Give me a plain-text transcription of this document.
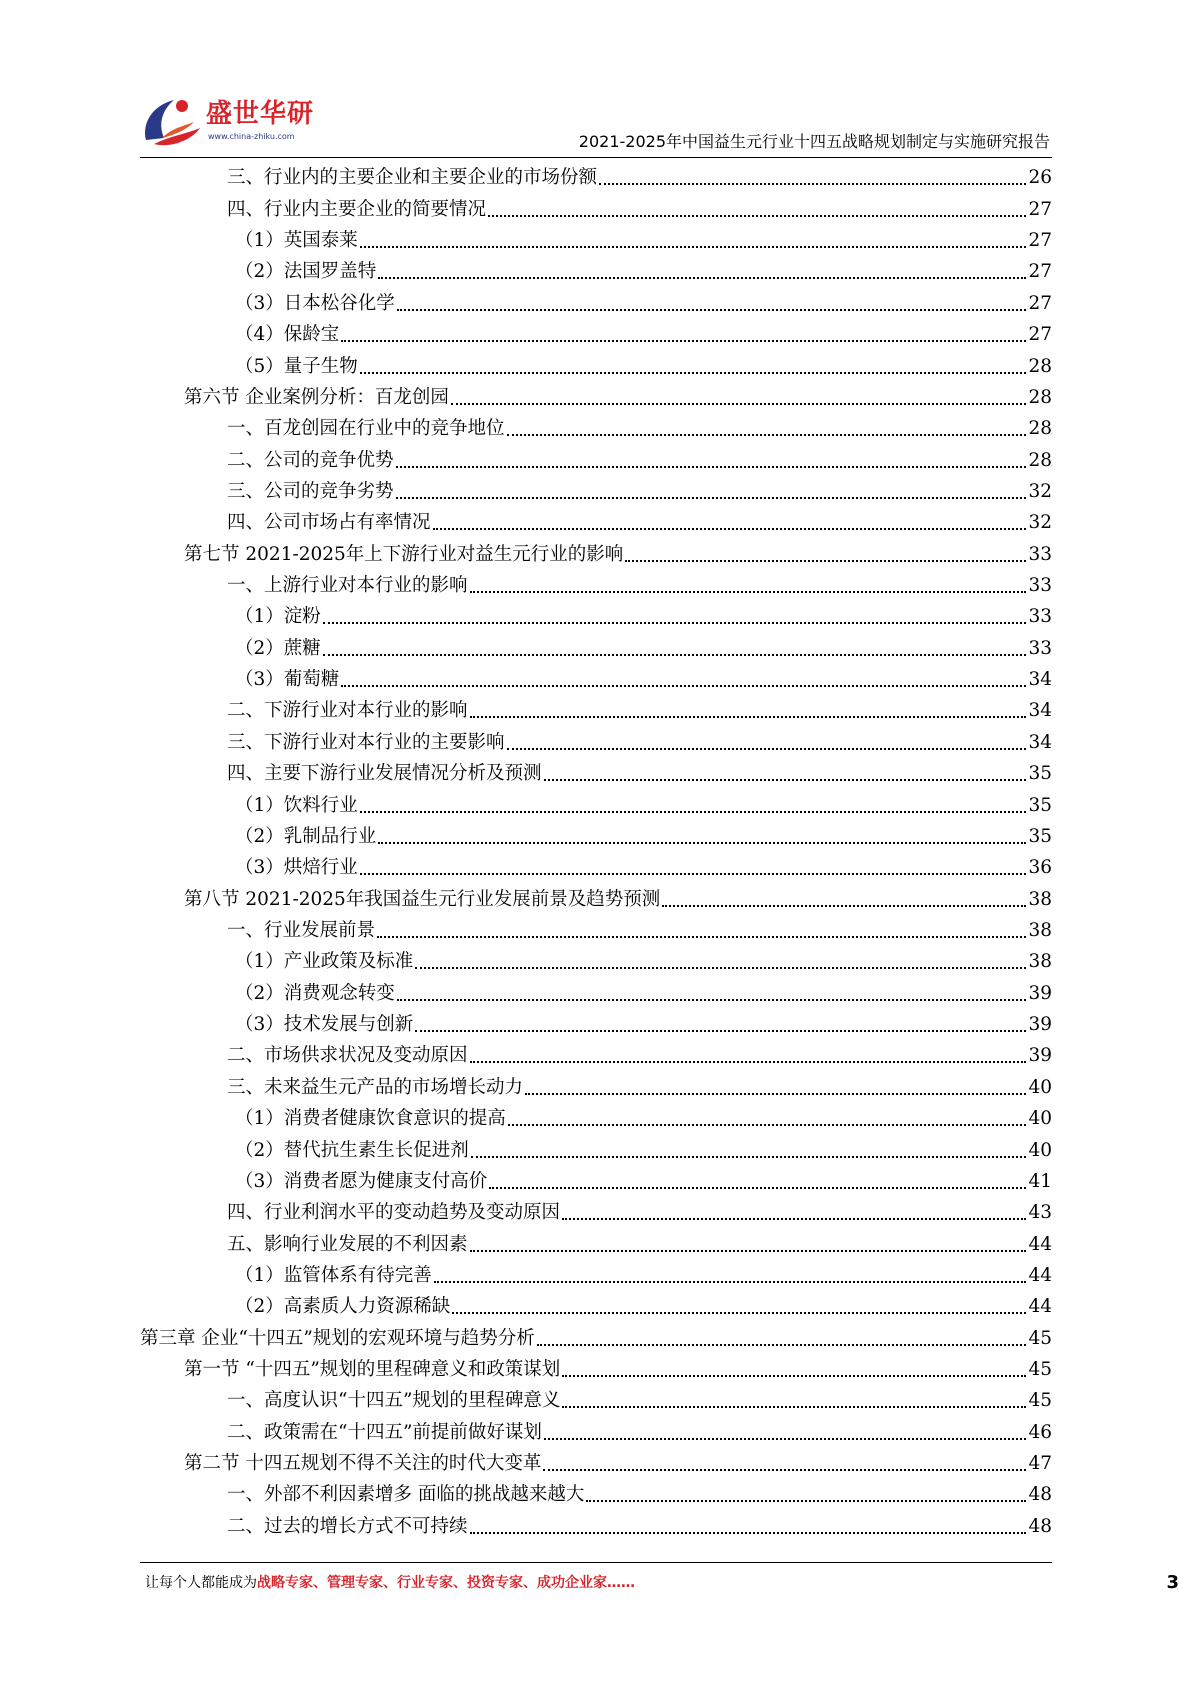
盛世华研
www.china-zhiku.com	2021-2025年中国益生元行业十四五战略规划制定与实施研究报告
三、行业内的主要企业和主要企业的市场份额	26
四、行业内主要企业的简要情况	27
（1）英国泰莱	27
（2）法国罗盖特	27
（3）日本松谷化学	27
（4）保龄宝	27
（5）量子生物	28
第六节 企业案例分析：百龙创园	28
一、百龙创园在行业中的竞争地位	28
二、公司的竞争优势	28
三、公司的竞争劣势	32
四、公司市场占有率情况	32
第七节 2021-2025年上下游行业对益生元行业的影响	33
一、上游行业对本行业的影响	33
（1）淀粉	33
（2）蔗糖	33
（3）葡萄糖	34
二、下游行业对本行业的影响	34
三、下游行业对本行业的主要影响	34
四、主要下游行业发展情况分析及预测	35
（1）饮料行业	35
（2）乳制品行业	35
（3）烘焙行业	36
第八节 2021-2025年我国益生元行业发展前景及趋势预测	38
一、行业发展前景	38
（1）产业政策及标准	38
（2）消费观念转变	39
（3）技术发展与创新	39
二、市场供求状况及变动原因	39
三、未来益生元产品的市场增长动力	40
（1）消费者健康饮食意识的提高	40
（2）替代抗生素生长促进剂	40
（3）消费者愿为健康支付高价	41
四、行业利润水平的变动趋势及变动原因	43
五、影响行业发展的不利因素	44
（1）监管体系有待完善	44
（2）高素质人力资源稀缺	44
第三章 企业“十四五”规划的宏观环境与趋势分析	45
第一节 “十四五”规划的里程碑意义和政策谋划	45
一、高度认识“十四五”规划的里程碑意义	45
二、政策需在“十四五”前提前做好谋划	46
第二节 十四五规划不得不关注的时代大变革	47
一、外部不利因素增多 面临的挑战越来越大	48
二、过去的增长方式不可持续	48
让每个人都能成为战略专家、管理专家、行业专家、投资专家、成功企业家……	3
